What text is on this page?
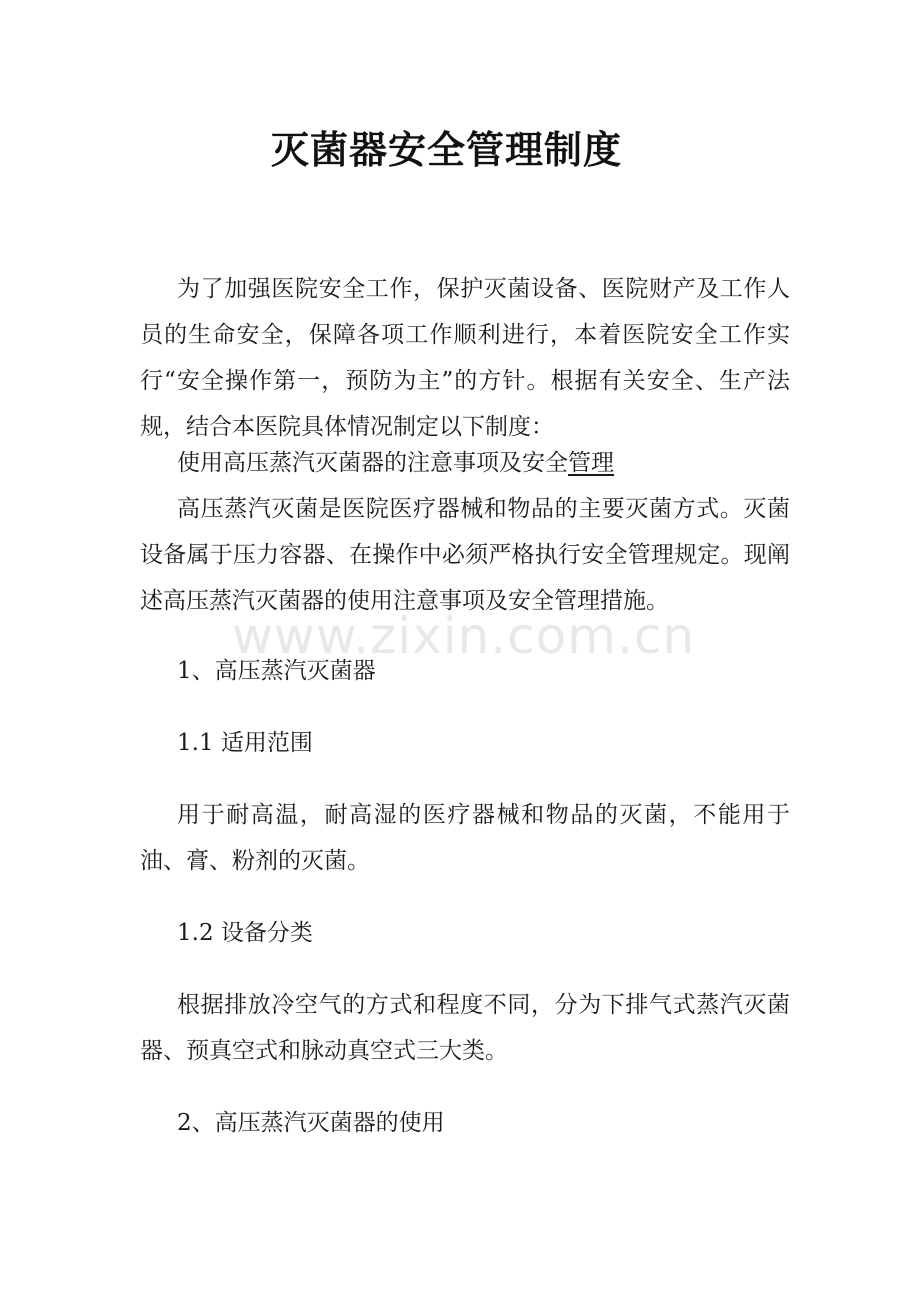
灭菌器安全管理制度

为了加强医院安全工作，保护灭菌设备、医院财产及工作人员的生命安全，保障各项工作顺利进行，本着医院安全工作实行“安全操作第一，预防为主”的方针。根据有关安全、生产法规，结合本医院具体情况制定以下制度：

使用高压蒸汽灭菌器的注意事项及安全管理

高压蒸汽灭菌是医院医疗器械和物品的主要灭菌方式。灭菌设备属于压力容器、在操作中必须严格执行安全管理规定。现阐述高压蒸汽灭菌器的使用注意事项及安全管理措施。

1、高压蒸汽灭菌器

1.1 适用范围

用于耐高温，耐高湿的医疗器械和物品的灭菌，不能用于油、膏、粉剂的灭菌。

1.2 设备分类

根据排放冷空气的方式和程度不同，分为下排气式蒸汽灭菌器、预真空式和脉动真空式三大类。

2、高压蒸汽灭菌器的使用

www.zixin.com.cn
